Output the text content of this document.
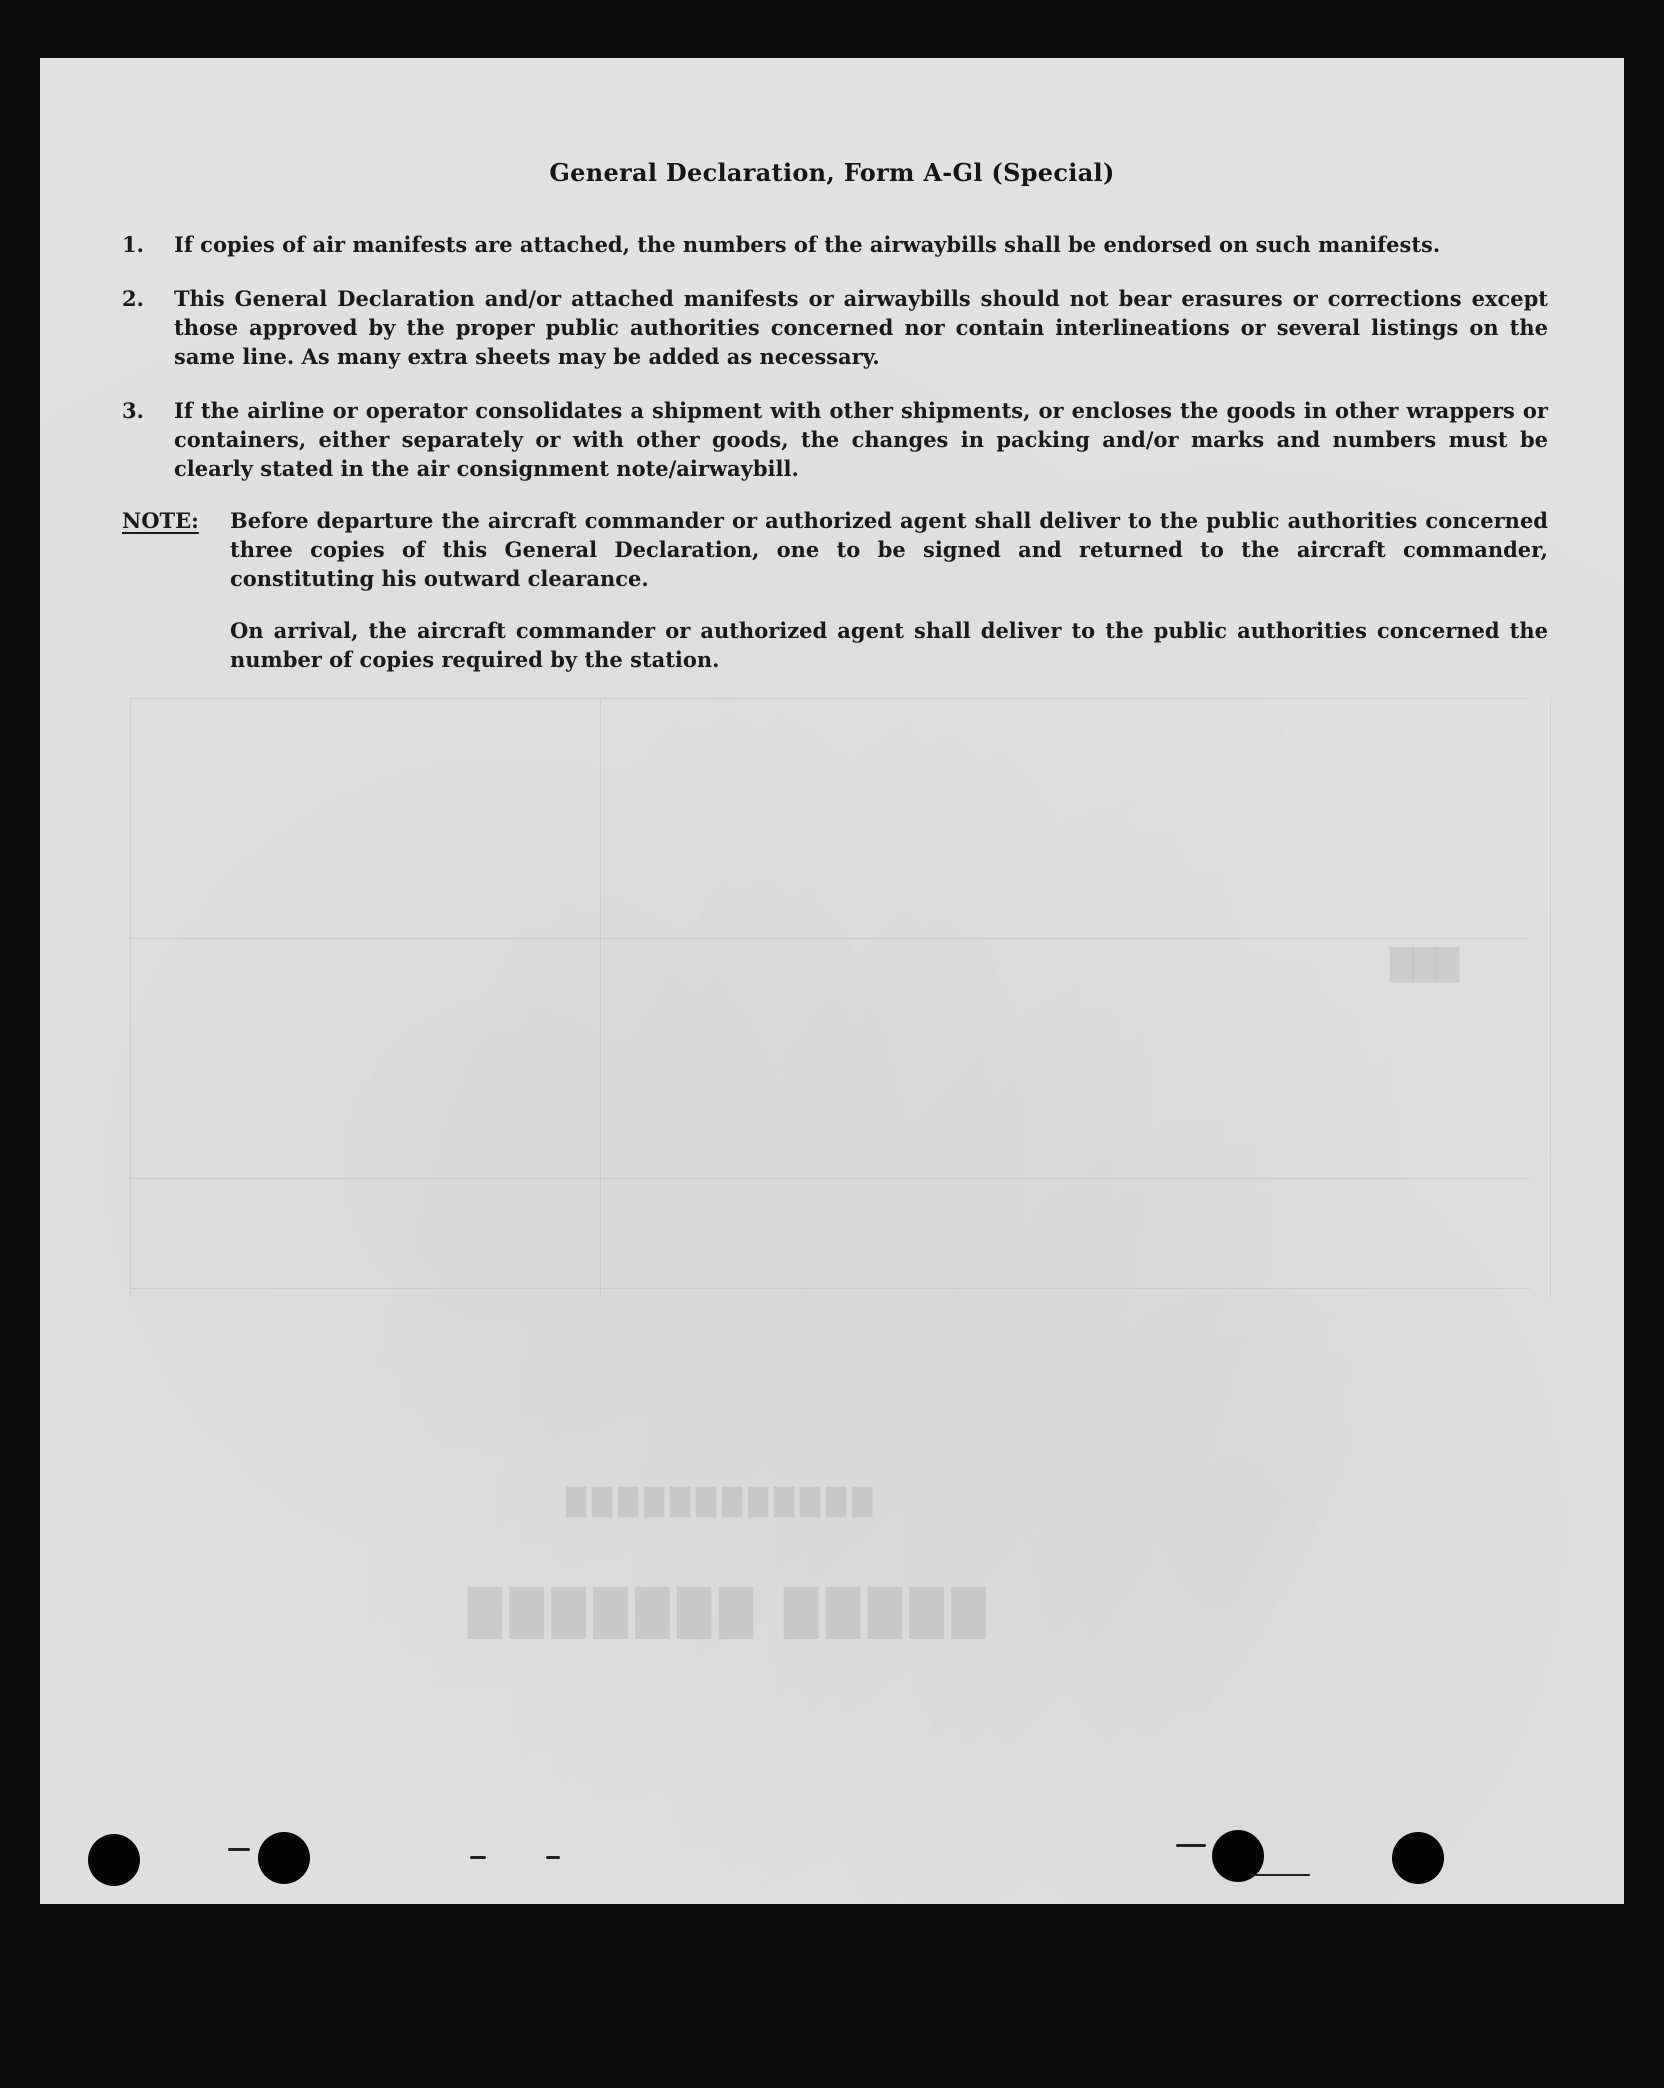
█████ ███████
████████████
███
General Declaration, Form A-Gl (Special)
1.	If copies of air manifests are attached, the numbers of the airwaybills shall be endorsed on such manifests.
2.	This General Declaration and/or attached manifests or airwaybills should not bear erasures or corrections except those approved by the proper public authorities concerned nor contain interlineations or several listings on the same line. As many extra sheets may be added as necessary.
3.	If the airline or operator consolidates a shipment with other shipments, or encloses the goods in other wrappers or containers, either separately or with other goods, the changes in packing and/or marks and numbers must be clearly stated in the air consignment note/airwaybill.
NOTE: Before departure the aircraft commander or authorized agent shall deliver to the public authorities concerned three copies of this General Declaration, one to be signed and returned to the aircraft commander, constituting his outward clearance.
On arrival, the aircraft commander or authorized agent shall deliver to the public authorities concerned the number of copies required by the station.
